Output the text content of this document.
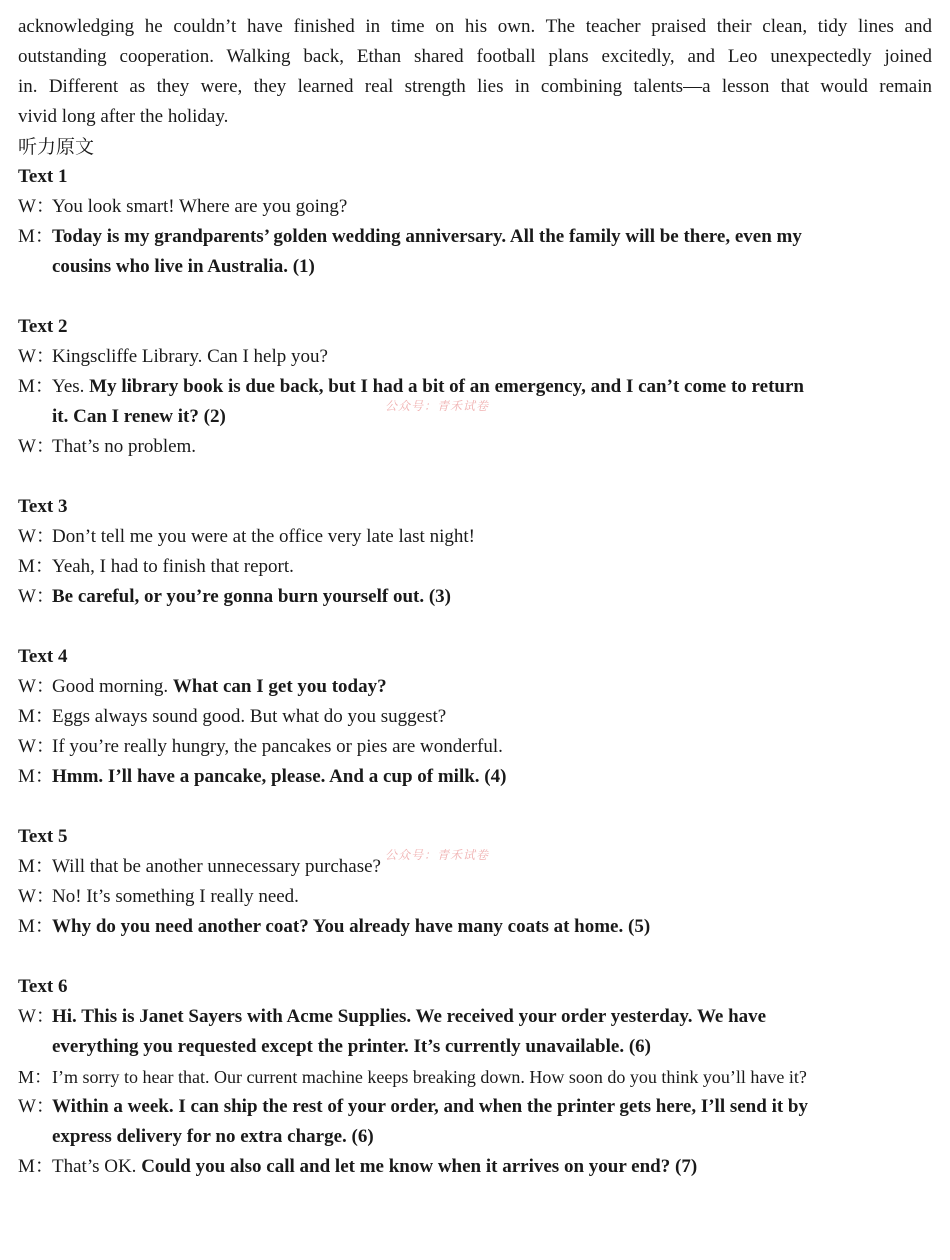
acknowledging he couldn’t have finished in time on his own. The teacher praised their clean, tidy lines and
outstanding cooperation. Walking back, Ethan shared football plans excitedly, and Leo unexpectedly joined
in. Different as they were, they learned real strength lies in combining talents—a lesson that would remain
vivid long after the holiday.
听力原文
Text 1
W：You look smart! Where are you going?
M：Today is my grandparents’ golden wedding anniversary. All the family will be there, even my
cousins who live in Australia. (1)
Text 2
W：Kingscliffe Library. Can I help you?
M：Yes. My library book is due back, but I had a bit of an emergency, and I can’t come to return
it. Can I renew it? (2)
W：That’s no problem.
Text 3
W：Don’t tell me you were at the office very late last night!
M：Yeah, I had to finish that report.
W：Be careful, or you’re gonna burn yourself out. (3)
Text 4
W：Good morning. What can I get you today?
M：Eggs always sound good. But what do you suggest?
W：If you’re really hungry, the pancakes or pies are wonderful.
M：Hmm. I’ll have a pancake, please. And a cup of milk. (4)
Text 5
M：Will that be another unnecessary purchase?
W：No! It’s something I really need.
M：Why do you need another coat? You already have many coats at home. (5)
Text 6
W：Hi. This is Janet Sayers with Acme Supplies. We received your order yesterday. We have
everything you requested except the printer. It’s currently unavailable. (6)
M：I’m sorry to hear that. Our current machine keeps breaking down. How soon do you think you’ll have it?
W：Within a week. I can ship the rest of your order, and when the printer gets here, I’ll send it by
express delivery for no extra charge. (6)
M：That’s OK. Could you also call and let me know when it arrives on your end? (7)
公众号：青禾试卷
公众号：青禾试卷
